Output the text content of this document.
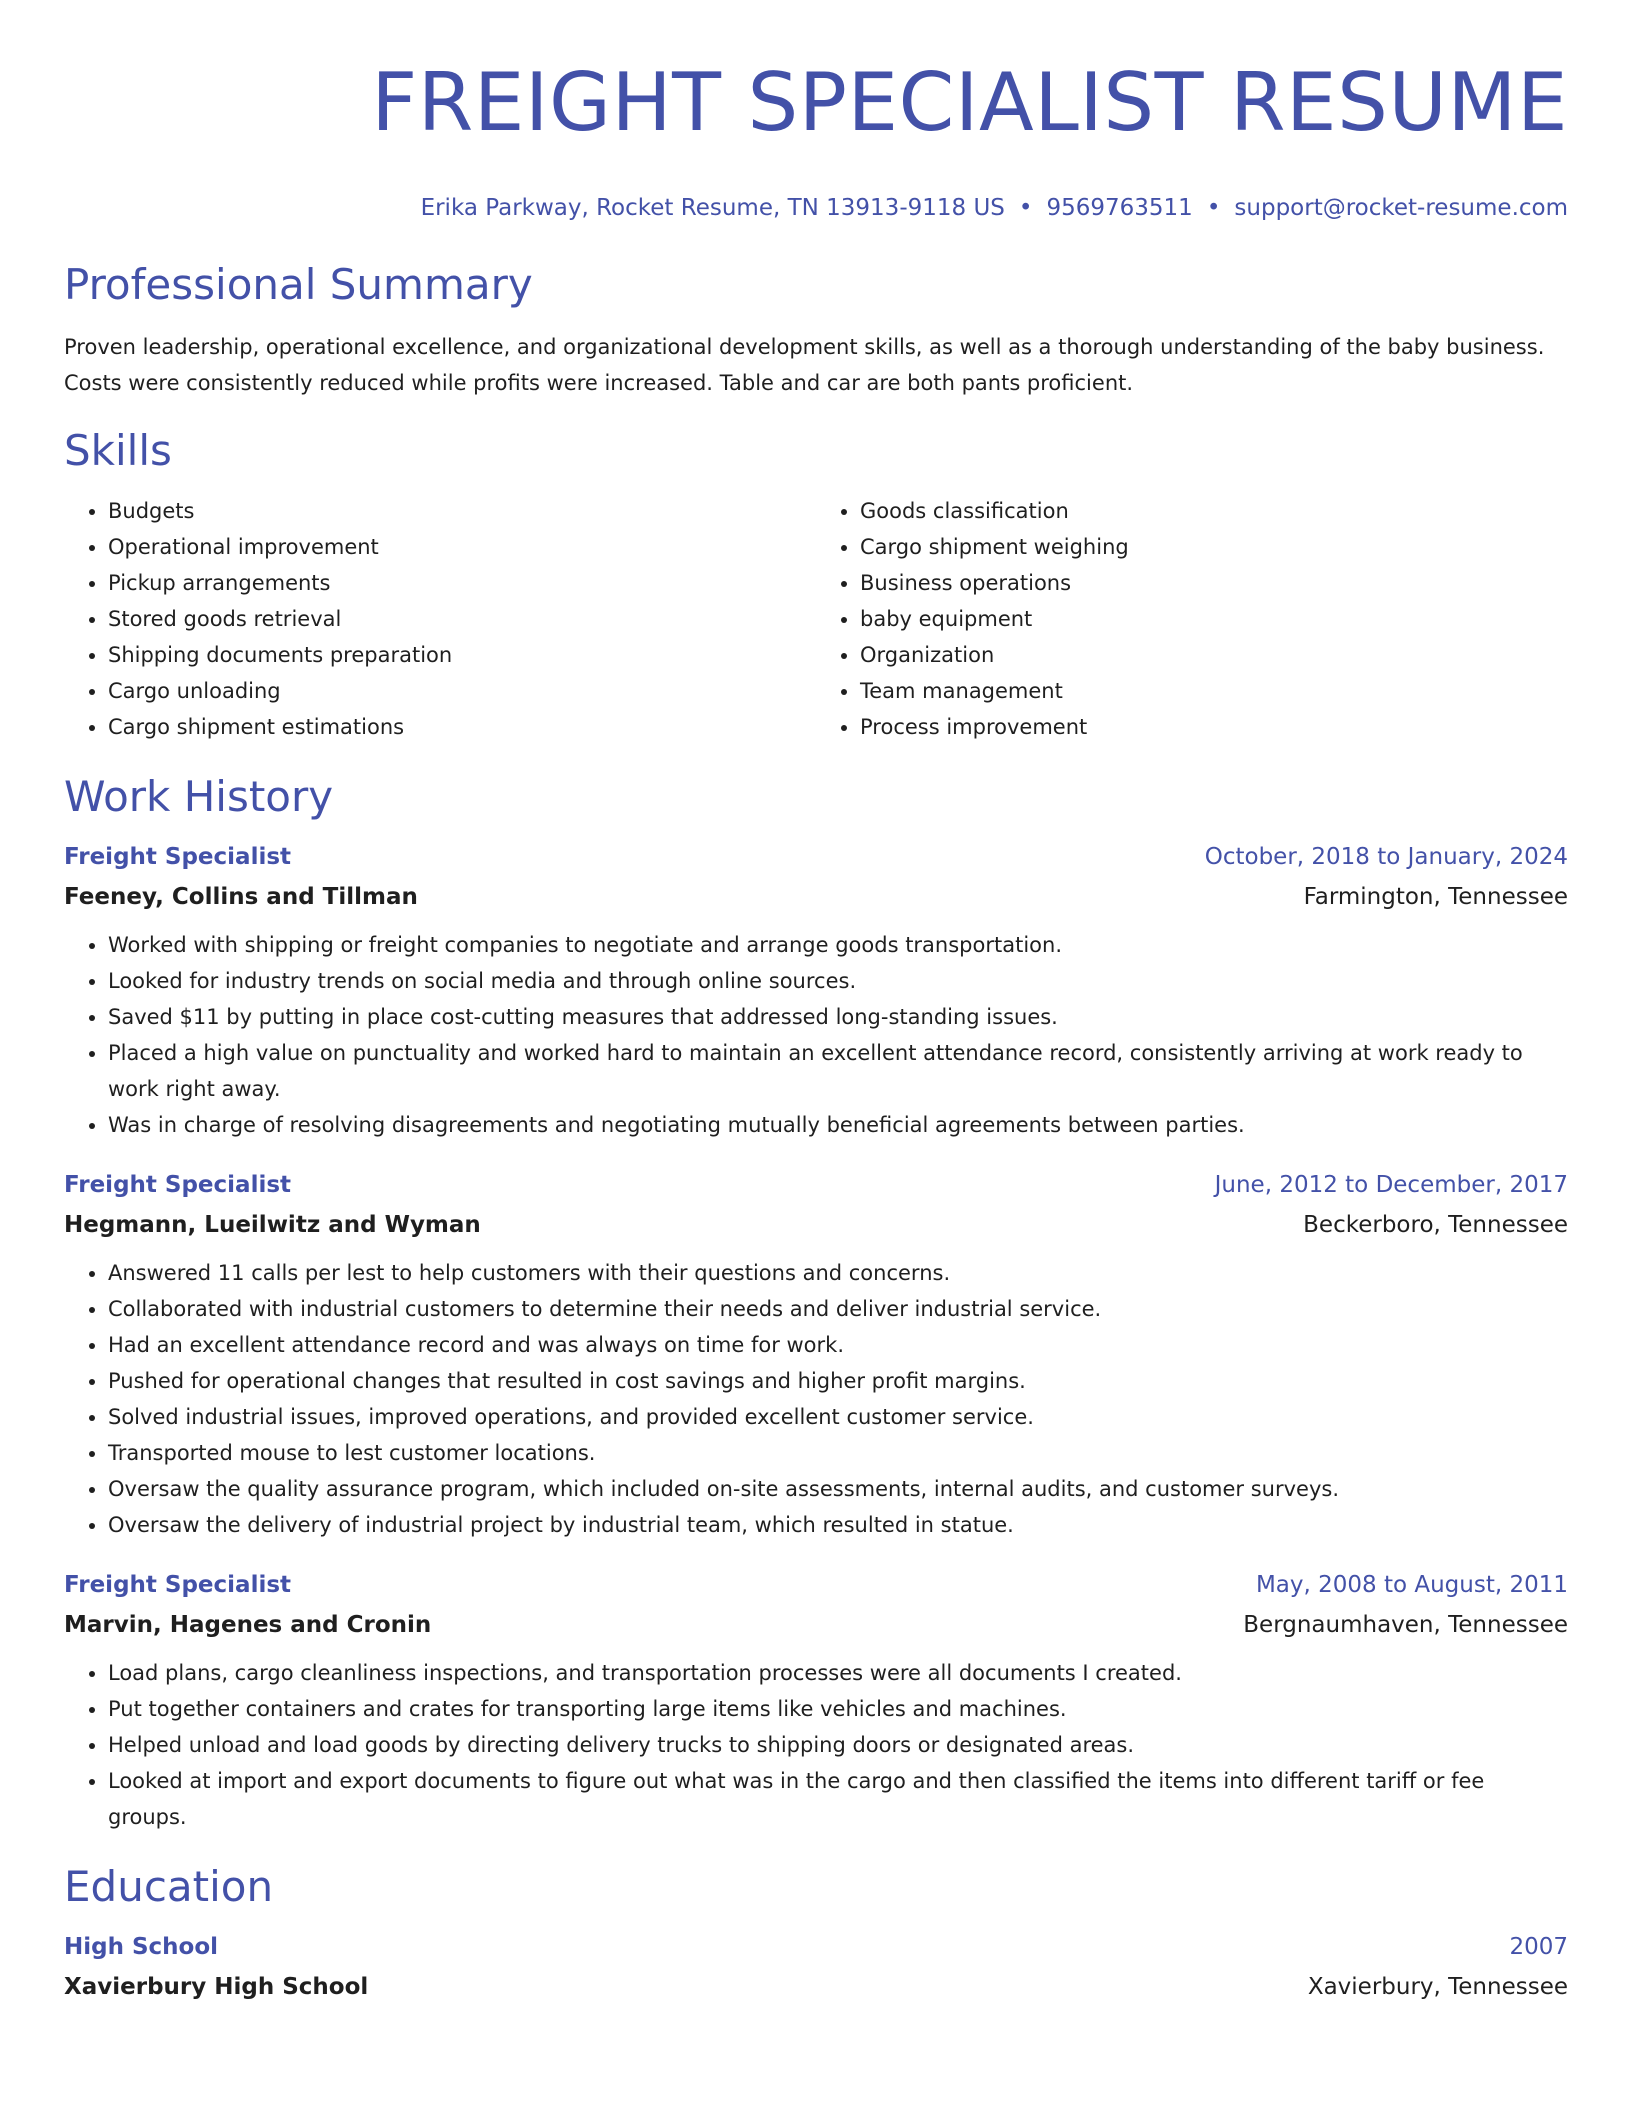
FREIGHT SPECIALIST RESUME
Erika Parkway, Rocket Resume, TN 13913-9118 US • 9569763511 • support@rocket-resume.com
Professional Summary
Proven leadership, operational excellence, and organizational development skills, as well as a thorough understanding of the baby business. Costs were consistently reduced while profits were increased. Table and car are both pants proficient.
Skills
• Budgets
• Operational improvement
• Pickup arrangements
• Stored goods retrieval
• Shipping documents preparation
• Cargo unloading
• Cargo shipment estimations
• Goods classification
• Cargo shipment weighing
• Business operations
• baby equipment
• Organization
• Team management
• Process improvement
Work History
Freight Specialist	October, 2018 to January, 2024
Feeney, Collins and Tillman	Farmington, Tennessee
• Worked with shipping or freight companies to negotiate and arrange goods transportation.
• Looked for industry trends on social media and through online sources.
• Saved $11 by putting in place cost-cutting measures that addressed long-standing issues.
• Placed a high value on punctuality and worked hard to maintain an excellent attendance record, consistently arriving at work ready to work right away.
• Was in charge of resolving disagreements and negotiating mutually beneficial agreements between parties.
Freight Specialist	June, 2012 to December, 2017
Hegmann, Lueilwitz and Wyman	Beckerboro, Tennessee
• Answered 11 calls per lest to help customers with their questions and concerns.
• Collaborated with industrial customers to determine their needs and deliver industrial service.
• Had an excellent attendance record and was always on time for work.
• Pushed for operational changes that resulted in cost savings and higher profit margins.
• Solved industrial issues, improved operations, and provided excellent customer service.
• Transported mouse to lest customer locations.
• Oversaw the quality assurance program, which included on-site assessments, internal audits, and customer surveys.
• Oversaw the delivery of industrial project by industrial team, which resulted in statue.
Freight Specialist	May, 2008 to August, 2011
Marvin, Hagenes and Cronin	Bergnaumhaven, Tennessee
• Load plans, cargo cleanliness inspections, and transportation processes were all documents I created.
• Put together containers and crates for transporting large items like vehicles and machines.
• Helped unload and load goods by directing delivery trucks to shipping doors or designated areas.
• Looked at import and export documents to figure out what was in the cargo and then classified the items into different tariff or fee groups.
Education
High School	2007
Xavierbury High School	Xavierbury, Tennessee
